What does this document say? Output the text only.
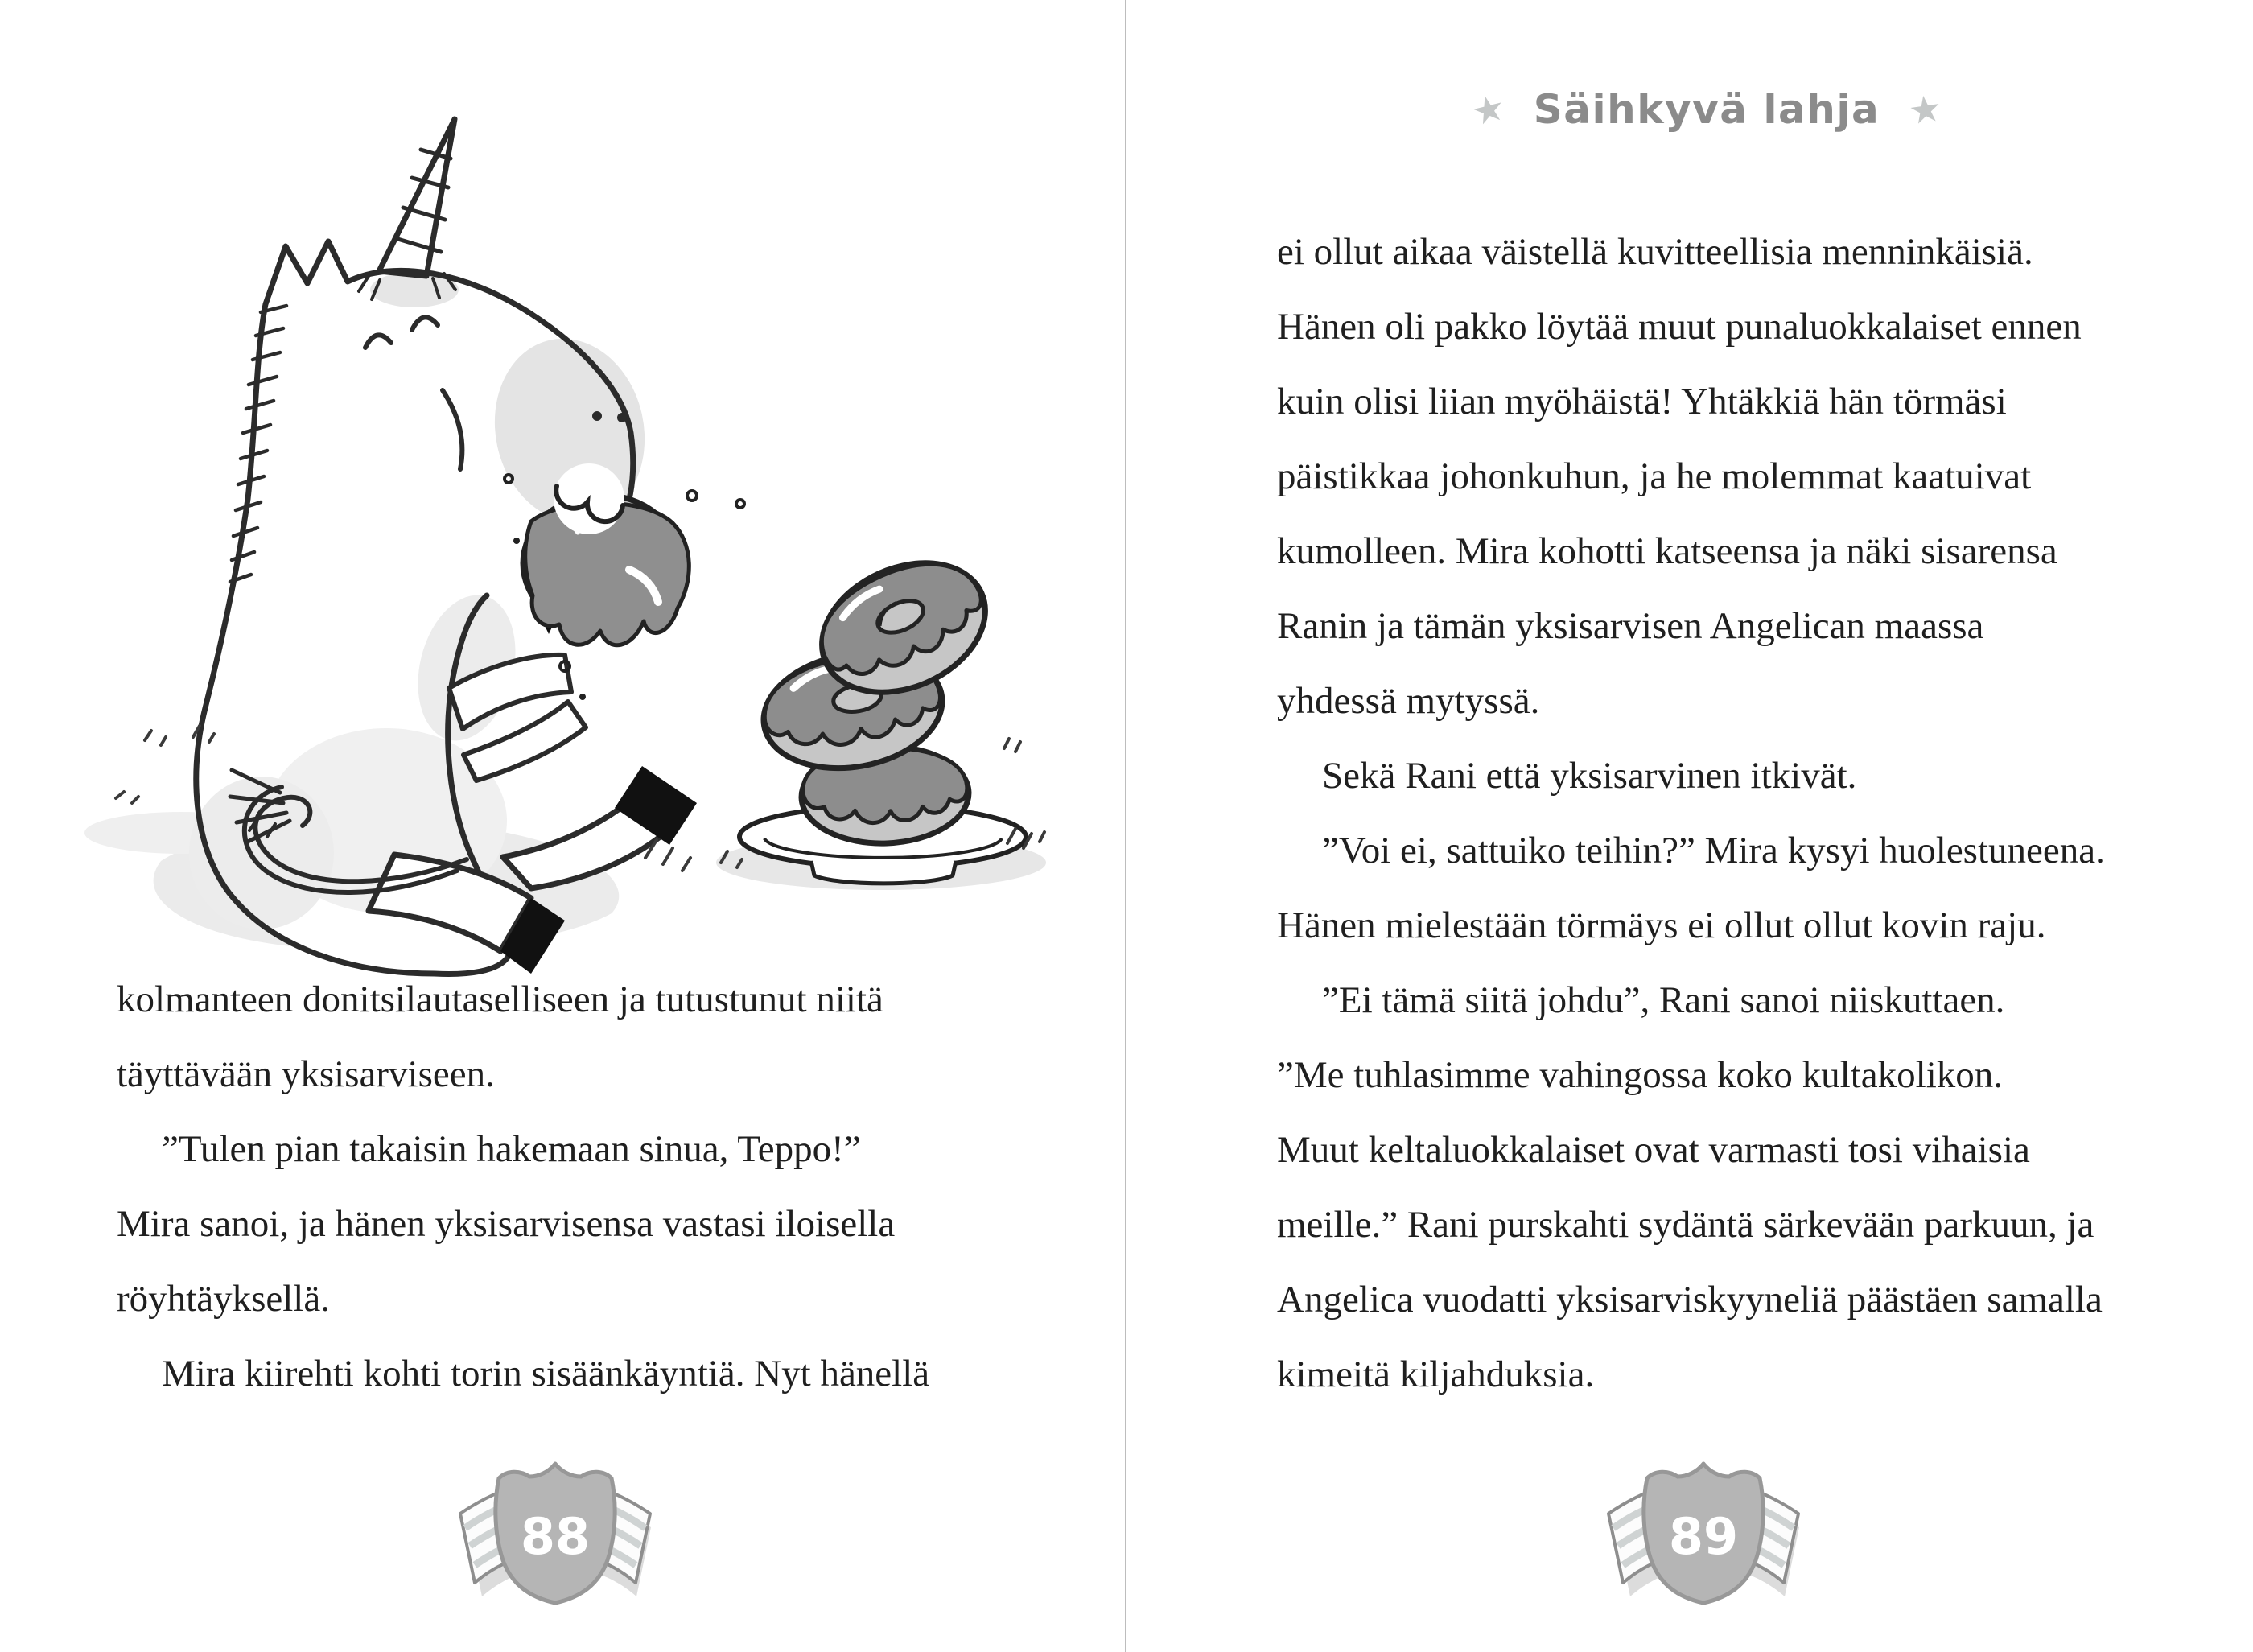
kolmanteen donitsilautaselliseen ja tutustunut niitä
täyttävään yksisarviseen.
”Tulen pian takaisin hakemaan sinua, Teppo!”
Mira sanoi, ja hänen yksisarvisensa vastasi iloisella
röyhtäyksellä.
Mira kiirehti kohti torin sisäänkäyntiä. Nyt hänellä
88
★ Säihkyvä lahja ★
ei ollut aikaa väistellä kuvitteellisia menninkäisiä.
Hänen oli pakko löytää muut punaluokkalaiset ennen
kuin olisi liian myöhäistä! Yhtäkkiä hän törmäsi
päistikkaa johonkuhun, ja he molemmat kaatuivat
kumolleen. Mira kohotti katseensa ja näki sisarensa
Ranin ja tämän yksisarvisen Angelican maassa
yhdessä mytyssä.
Sekä Rani että yksisarvinen itkivät.
”Voi ei, sattuiko teihin?” Mira kysyi huolestuneena.
Hänen mielestään törmäys ei ollut ollut kovin raju.
”Ei tämä siitä johdu”, Rani sanoi niiskuttaen.
”Me tuhlasimme vahingossa koko kultakolikon.
Muut keltaluokkalaiset ovat varmasti tosi vihaisia
meille.” Rani purskahti sydäntä särkevään parkuun, ja
Angelica vuodatti yksisarviskyyneliä päästäen samalla
kimeitä kiljahduksia.
89
